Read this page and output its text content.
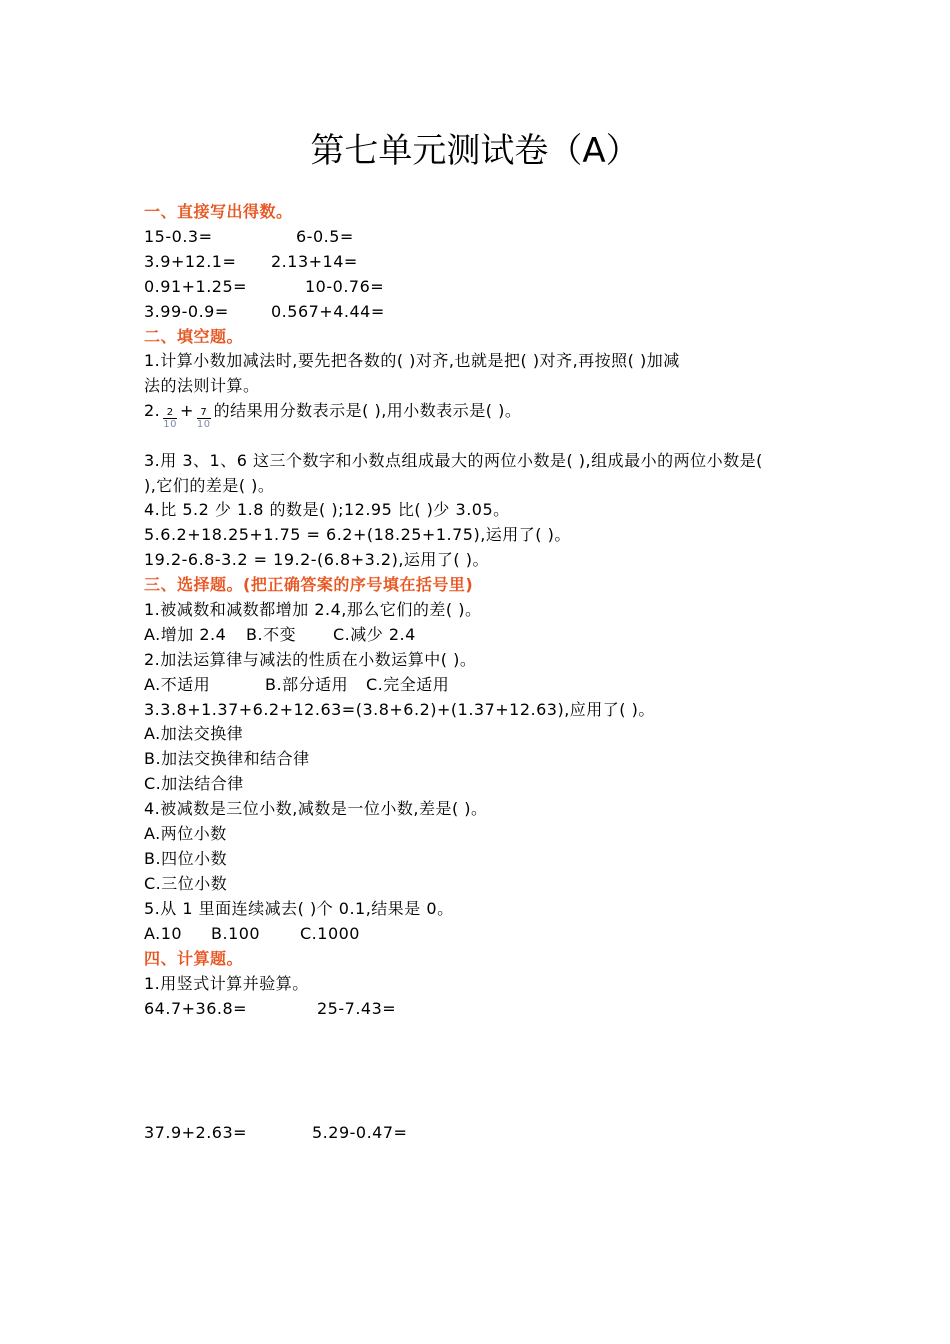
第七单元测试卷（A）
一、直接写出得数。
15-0.3=	6-0.5=
3.9+12.1= 2.13+14=
0.91+1.25=	10-0.76=
3.99-0.9=	0.567+4.44=
二、填空题。
1.计算小数加减法时,要先把各数的( )对齐,也就是把( )对齐,再按照( )加减
法的法则计算。
2. $\frac{2}{10} + \frac{7}{10}$ 的结果用分数表示是( ),用小数表示是( )。
3.用 3、1、6 这三个数字和小数点组成最大的两位小数是( ),组成最小的两位小数是(
),它们的差是( )。
4.比 5.2 少 1.8 的数是( );12.95 比( )少 3.05。
5.6.2+18.25+1.75 = 6.2+(18.25+1.75),运用了( )。
19.2-6.8-3.2 = 19.2-(6.8+3.2),运用了( )。
三、选择题。(把正确答案的序号填在括号里)
1.被减数和减数都增加 2.4,那么它们的差( )。
A.增加 2.4 B.不变 C.减少 2.4
2.加法运算律与减法的性质在小数运算中( )。
A.不适用	B.部分适用 C.完全适用
3.3.8+1.37+6.2+12.63=(3.8+6.2)+(1.37+12.63),应用了( )。
A.加法交换律
B.加法交换律和结合律
C.加法结合律
4.被减数是三位小数,减数是一位小数,差是( )。
A.两位小数
B.四位小数
C.三位小数
5.从 1 里面连续减去( )个 0.1,结果是 0。
A.10 B.100 C.1000
四、计算题。
1.用竖式计算并验算。
64.7+36.8=	25-7.43=
37.9+2.63=	5.29-0.47=
